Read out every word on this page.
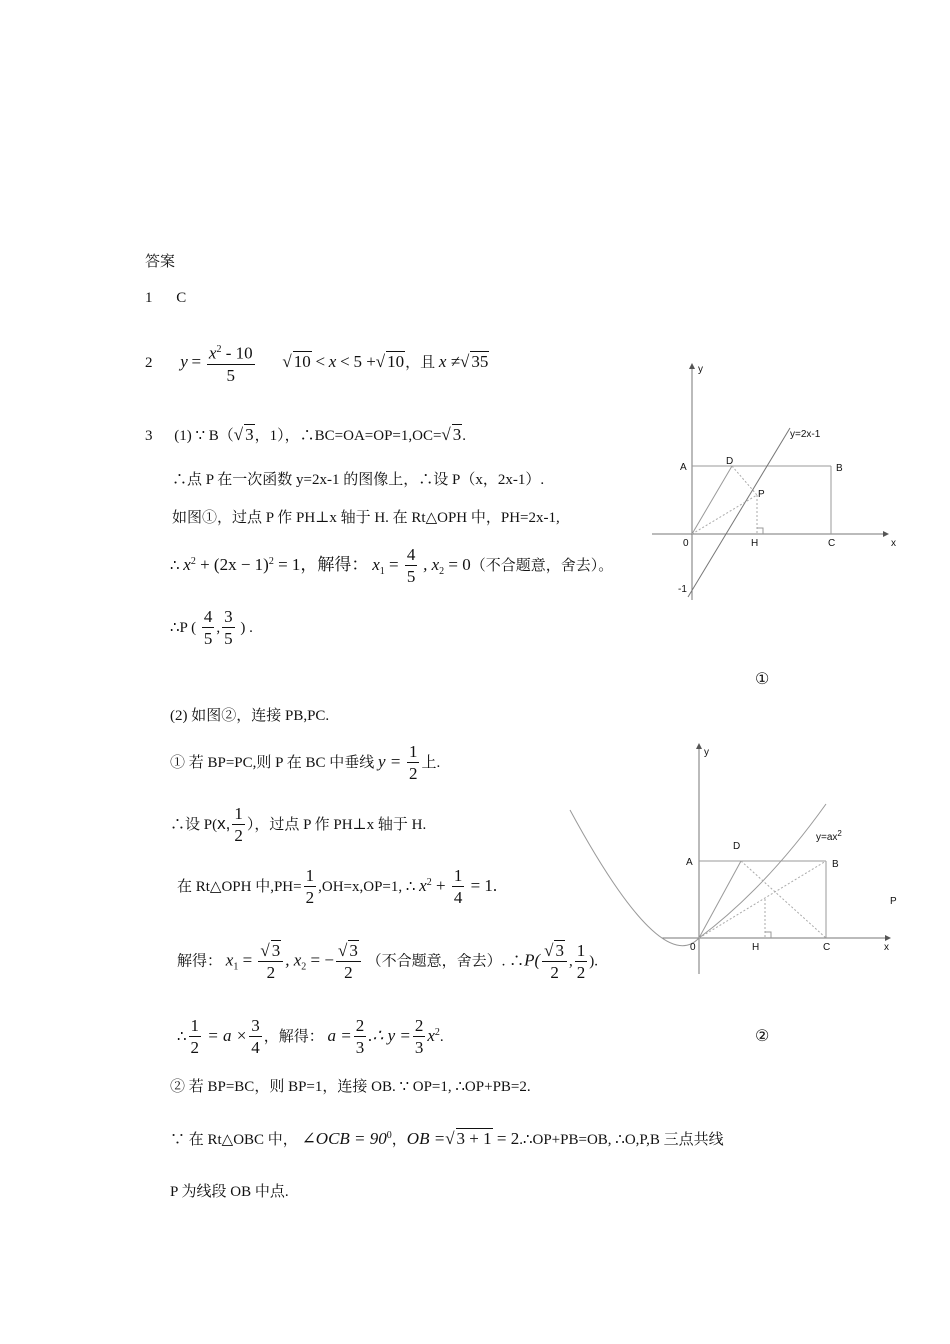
答案
1 C
2 $y = \frac{x^2 - 10}{5}$ √ 10 < x < 5 +√ 10，且 x ≠√ 35
3 (1) ∵ B（√ 3，1），∴BC=OA=OP=1,OC=√ 3.
∴点 P 在一次函数 y=2x-1 的图像上，∴设 P（x，2x-1）.
如图①，过点 P 作 PH⊥x 轴于 H. 在 Rt△OPH 中，PH=2x-1,
∴ $x^2 + (2x - 1)^2 = 1$，解得： $x_1 = \frac{4}{5}$ , $x_2 = 0$（不合题意，舍去）。
∴P ( $\frac{4}{5}$ , $\frac{3}{5}$ ) .
(2) 如图②，连接 PB,PC.
① 若 BP=PC,则 P 在 BC 中垂线 $y = \frac{1}{2}$ 上.
∴设 P(x, $\frac{1}{2}$ ），过点 P 作 PH⊥x 轴于 H.
在 Rt△OPH 中$,PH= \frac{1}{2} ,OH=x,OP=1$, ∴ $x^2 + \frac{1}{4} = 1$.
解得： $x_1 = \frac{√ 3}{2}$ , $x_2$ = − $\frac{√ 3}{2}$ （不合题意，舍去）. ∴P( $\frac{√ 3}{2}$ , $\frac{1}{2}$ ).
∴ $\frac{1}{2} = a \times \frac{3}{4}$ ，解得： $a = \frac{2}{3}$ .∴ $y = \frac{2}{3} x^2$.
② 若 BP=BC，则 BP=1，连接 OB. ∵ OP=1, ∴OP+PB=2.
∵ 在 Rt△OBC 中， ∠OCB = $90^0$，OB =√ 3 + 1 = 2.∴OP+PB=OB, ∴O,P,B 三点共线
P 为线段 OB 中点.
y
y=2x-1
A
D
B
P
0	H	C	x
-1
①
y
$y=ax^2$
A
D
B
0	H	C	x
P
②
